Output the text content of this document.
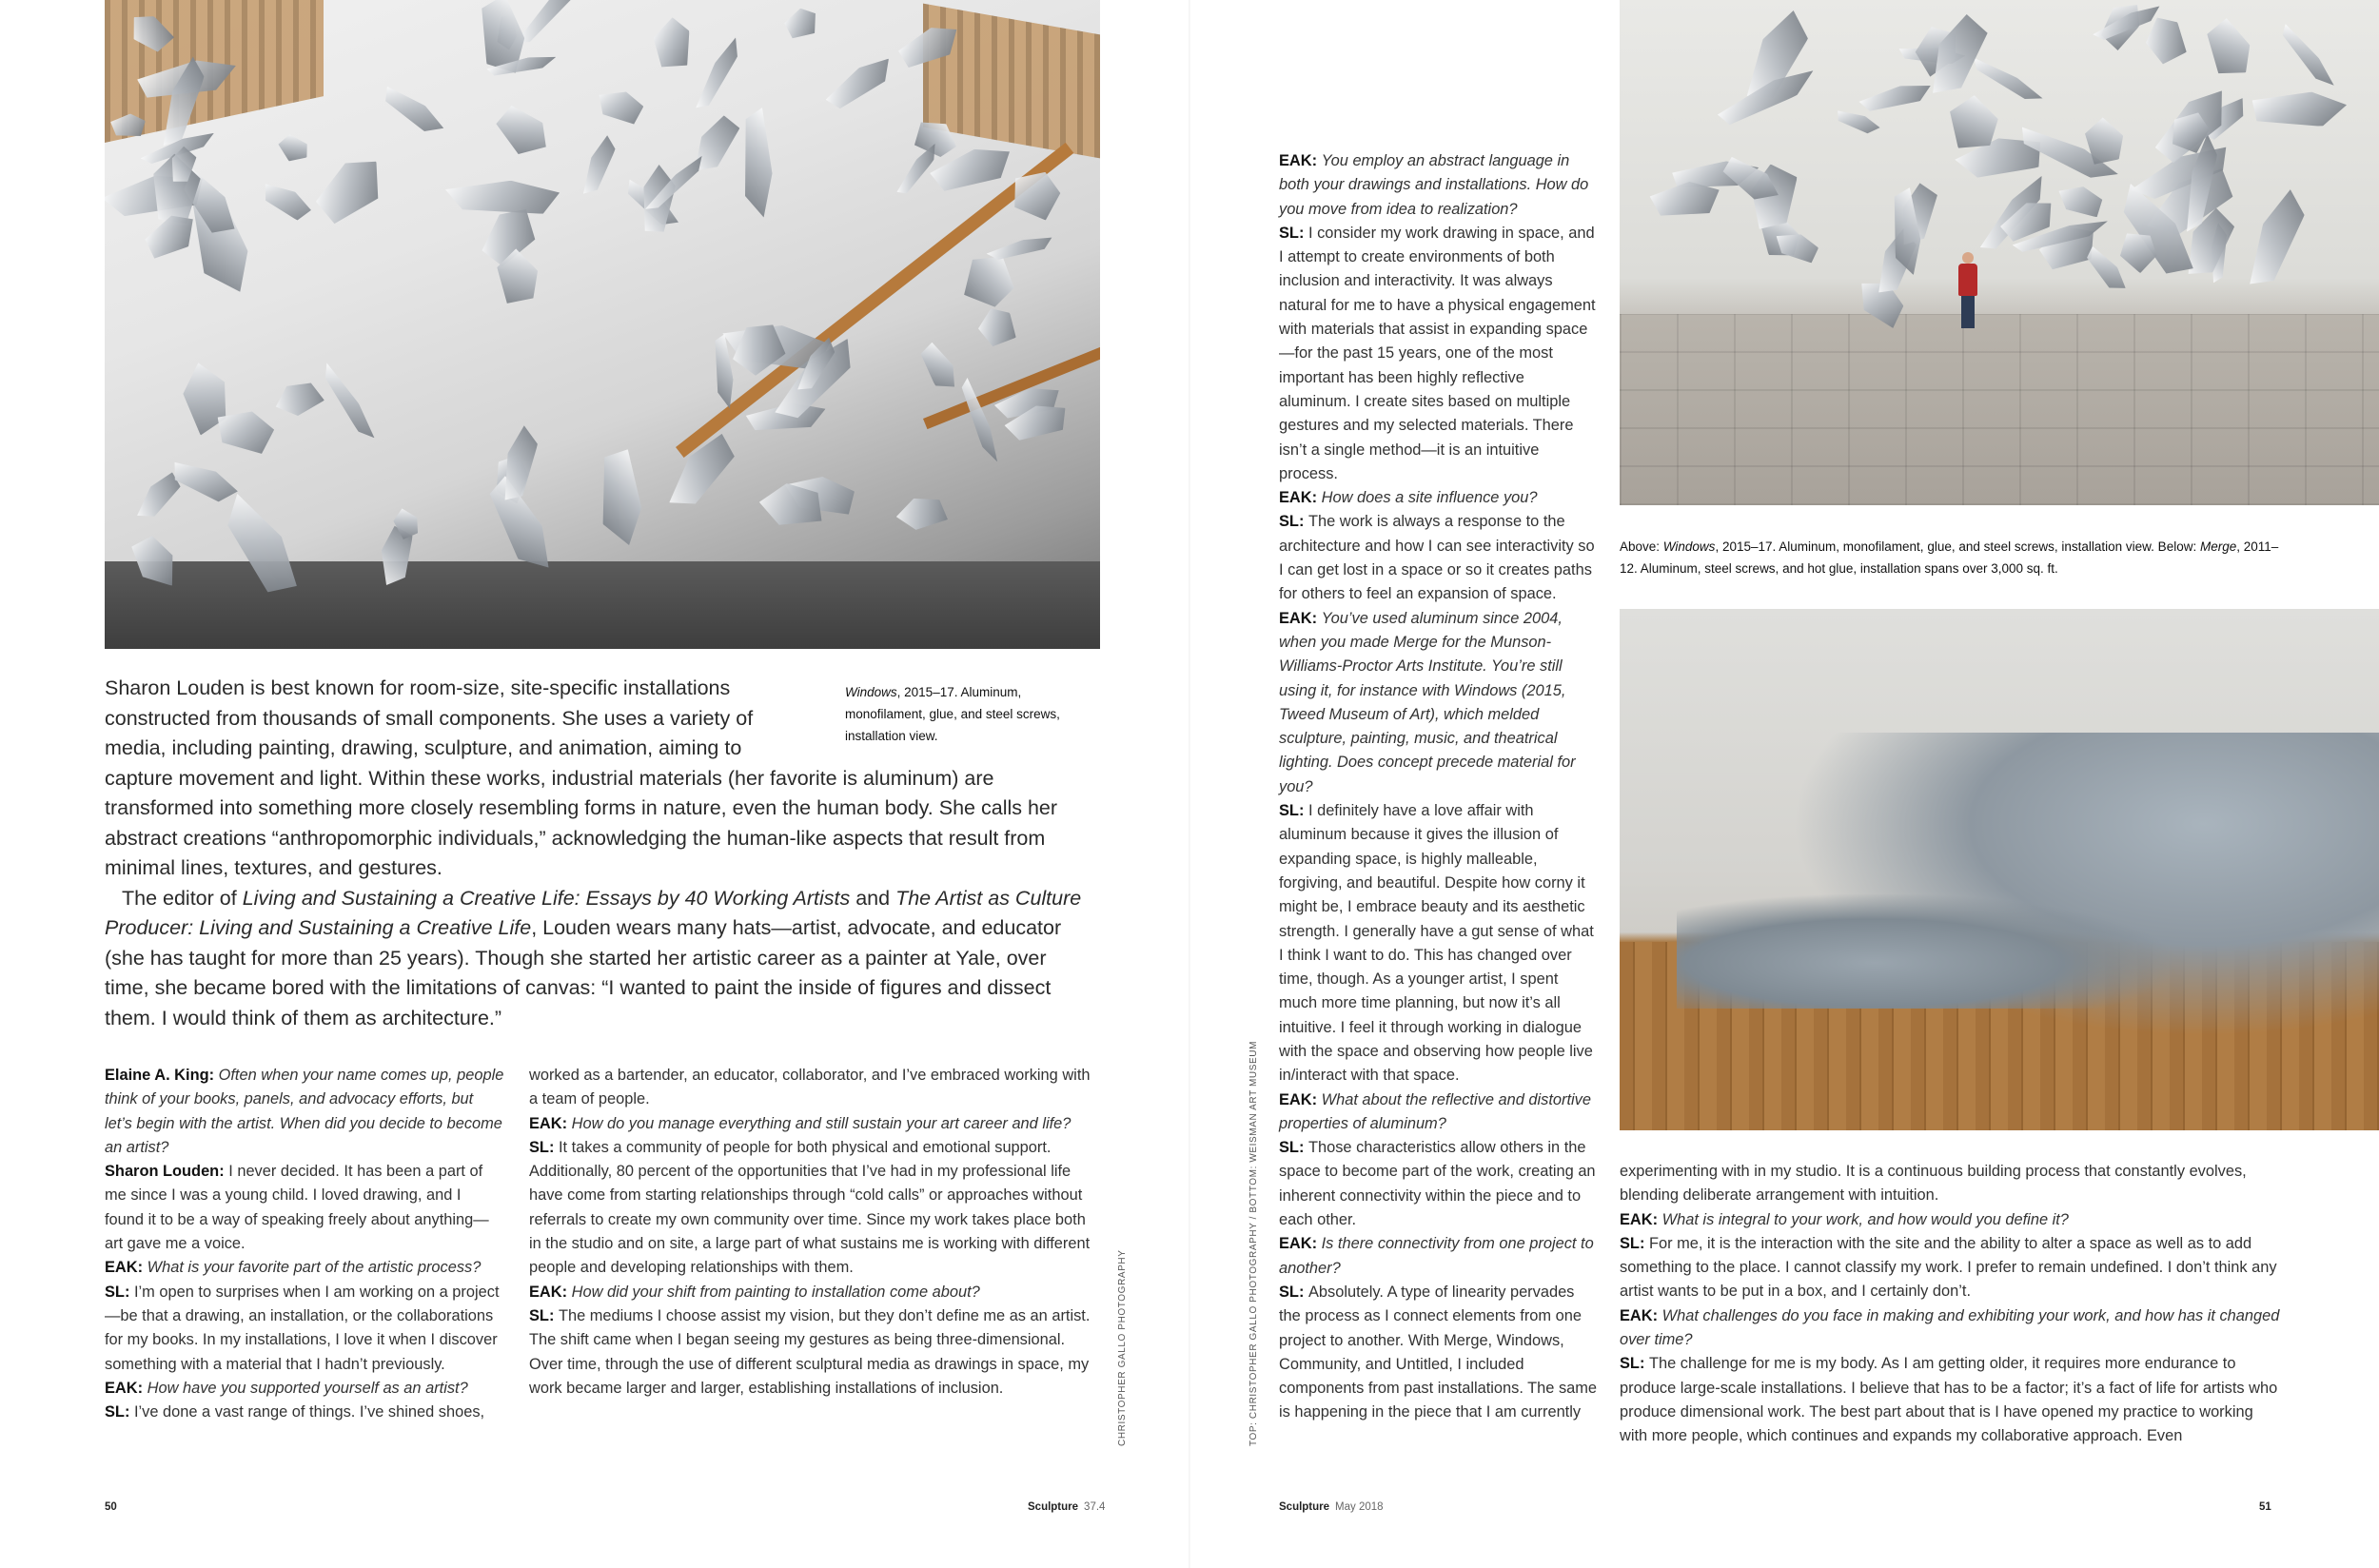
Windows, 2015–17. Aluminum, monofilament, glue, and steel screws, installation view.
Above: Windows, 2015–17. Aluminum, monofilament, glue, and steel screws, installation view. Below: Merge, 2011–12. Aluminum, steel screws, and hot glue, installation spans over 3,000 sq. ft.

Sharon Louden is best known for room-size, site-specific installations constructed from thousands of small components. She uses a variety of media, including painting, drawing, sculpture, and animation, aiming to capture movement and light. Within these works, industrial materials (her favorite is aluminum) are transformed into something more closely resembling forms in nature, even the human body. She calls her abstract creations “anthropomorphic individuals,” acknowledging the human-like aspects that result from minimal lines, textures, and gestures.

The editor of Living and Sustaining a Creative Life: Essays by 40 Working Artists and The Artist as Culture Producer: Living and Sustaining a Creative Life, Louden wears many hats—artist, advocate, and educator (she has taught for more than 25 years). Though she started her artistic career as a painter at Yale, over time, she became bored with the limitations of canvas: “I wanted to paint the inside of figures and dissect them. I would think of them as architecture.”

Elaine A. King: Often when your name comes up, people think of your books, panels, and advocacy efforts, but let’s begin with the artist. When did you decide to become an artist?

Sharon Louden: I never decided. It has been a part of me since I was a young child. I loved drawing, and I found it to be a way of speaking freely about anything—art gave me a voice.

EAK: What is your favorite part of the artistic process?

SL: I’m open to surprises when I am working on a project—be that a drawing, an installation, or the collaborations for my books. In my installations, I love it when I discover something with a material that I hadn’t previously.

EAK: How have you supported yourself as an artist?

SL: I’ve done a vast range of things. I’ve shined shoes,

worked as a bartender, an educator, collaborator, and I’ve embraced working with a team of people.

EAK: How do you manage everything and still sustain your art career and life?

SL: It takes a community of people for both physical and emotional support. Additionally, 80 percent of the opportunities that I’ve had in my professional life have come from starting relationships through “cold calls” or approaches without referrals to create my own community over time. Since my work takes place both in the studio and on site, a large part of what sustains me is working with different people and developing relationships with them.

EAK: How did your shift from painting to installation come about?

SL: The mediums I choose assist my vision, but they don’t define me as an artist. The shift came when I began seeing my gestures as being three-dimensional. Over time, through the use of different sculptural media as drawings in space, my work became larger and larger, establishing installations of inclusion.

EAK: You employ an abstract language in both your drawings and installations. How do you move from idea to realization?

SL: I consider my work drawing in space, and I attempt to create environments of both inclusion and interactivity. It was always natural for me to have a physical engagement with materials that assist in expanding space—for the past 15 years, one of the most important has been highly reflective aluminum. I create sites based on multiple gestures and my selected materials. There isn’t a single method—it is an intuitive process.

EAK: How does a site influence you?

SL: The work is always a response to the architecture and how I can see interactivity so I can get lost in a space or so it creates paths for others to feel an expansion of space.

EAK: You’ve used aluminum since 2004, when you made Merge for the Munson-Williams-Proctor Arts Institute. You’re still using it, for instance with Windows (2015, Tweed Museum of Art), which melded sculpture, painting, music, and theatrical lighting. Does concept precede material for you?

SL: I definitely have a love affair with aluminum because it gives the illusion of expanding space, is highly malleable, forgiving, and beautiful. Despite how corny it might be, I embrace beauty and its aesthetic strength. I generally have a gut sense of what I think I want to do. This has changed over time, though. As a younger artist, I spent much more time planning, but now it’s all intuitive. I feel it through working in dialogue with the space and observing how people live in/interact with that space.

EAK: What about the reflective and distortive properties of aluminum?

SL: Those characteristics allow others in the space to become part of the work, creating an inherent connectivity within the piece and to each other.

EAK: Is there connectivity from one project to another?

SL: Absolutely. A type of linearity pervades the process as I connect elements from one project to another. With Merge, Windows, Community, and Untitled, I included components from past installations. The same is happening in the piece that I am currently

experimenting with in my studio. It is a continuous building process that constantly evolves, blending deliberate arrangement with intuition.

EAK: What is integral to your work, and how would you define it?

SL: For me, it is the interaction with the site and the ability to alter a space as well as to add something to the place. I cannot classify my work. I prefer to remain undefined. I don’t think any artist wants to be put in a box, and I certainly don’t.

EAK: What challenges do you face in making and exhibiting your work, and how has it changed over time?

SL: The challenge for me is my body. As I am getting older, it requires more endurance to produce large-scale installations. I believe that has to be a factor; it’s a fact of life for artists who produce dimensional work. The best part about that is I have opened my practice to working with more people, which continues and expands my collaborative approach. Even

CHRISTOPHER GALLO PHOTOGRAPHY	TOP: CHRISTOPHER GALLO PHOTOGRAPHY / BOTTOM: WEISMAN ART MUSEUM
50	Sculpture 37.4	Sculpture May 2018	51
